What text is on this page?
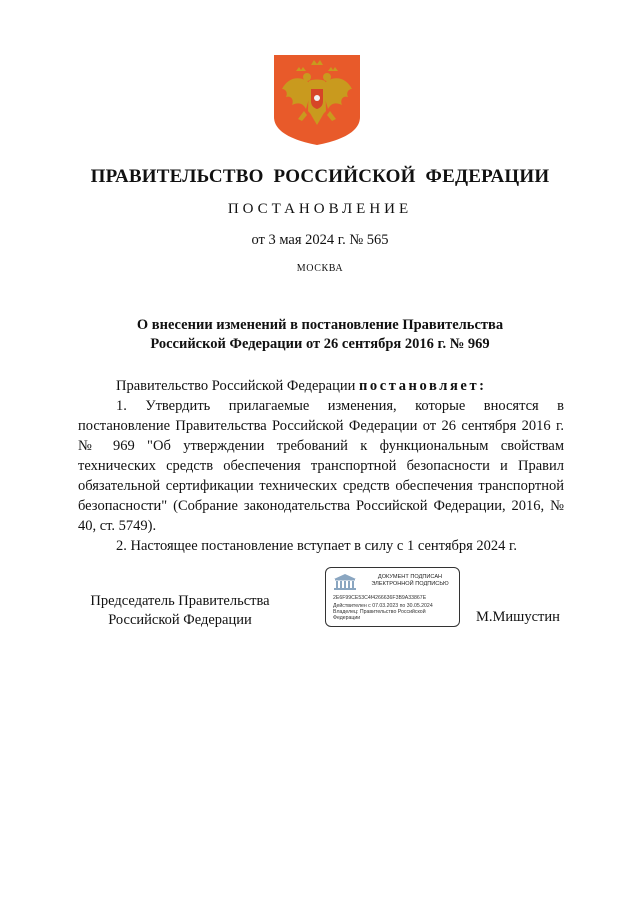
ПРАВИТЕЛЬСТВО РОССИЙСКОЙ ФЕДЕРАЦИИ
ПОСТАНОВЛЕНИЕ
от 3 мая 2024 г. № 565
МОСКВА
О внесении изменений в постановление Правительства
Российской Федерации от 26 сентября 2016 г. № 969

Правительство Российской Федерации постановляет:

1. Утвердить прилагаемые изменения, которые вносятся в постановление Правительства Российской Федерации от 26 сентября 2016 г. № 969 "Об утверждении требований к функциональным свойствам технических средств обеспечения транспортной безопасности и Правил обязательной сертификации технических средств обеспечения транспортной безопасности" (Собрание законодательства Российской Федерации, 2016, № 40, ст. 5749).

2. Настоящее постановление вступает в силу с 1 сентября 2024 г.

Председатель Правительства
Российской Федерации
ДОКУМЕНТ ПОДПИСАН
ЭЛЕКТРОННОЙ ПОДПИСЬЮ
2E6F99CE53C4f4266636F3B9A33867E
Действителен с 07.03.2023 по 30.05.2024
Владелец: Правительство Российской
Федерации	М.Мишустин
